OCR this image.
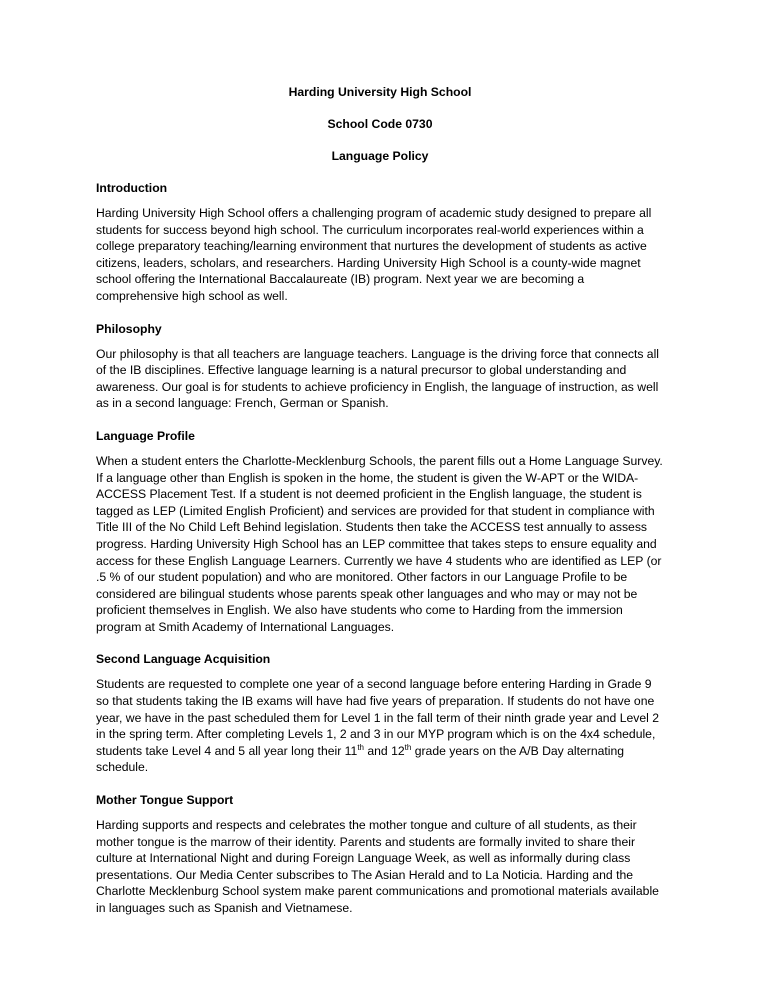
Harding University High School

School Code 0730

Language Policy

Introduction

Harding University High School offers a challenging program of academic study designed to prepare all students for success beyond high school. The curriculum incorporates real-world experiences within a college preparatory teaching/learning environment that nurtures the development of students as active citizens, leaders, scholars, and researchers. Harding University High School is a county-wide magnet school offering the International Baccalaureate (IB) program. Next year we are becoming a comprehensive high school as well.

Philosophy

Our philosophy is that all teachers are language teachers. Language is the driving force that connects all of the IB disciplines. Effective language learning is a natural precursor to global understanding and awareness. Our goal is for students to achieve proficiency in English, the language of instruction, as well as in a second language: French, German or Spanish.

Language Profile

When a student enters the Charlotte-Mecklenburg Schools, the parent fills out a Home Language Survey. If a language other than English is spoken in the home, the student is given the W-APT or the WIDA-ACCESS Placement Test. If a student is not deemed proficient in the English language, the student is tagged as LEP (Limited English Proficient) and services are provided for that student in compliance with Title III of the No Child Left Behind legislation. Students then take the ACCESS test annually to assess progress. Harding University High School has an LEP committee that takes steps to ensure equality and access for these English Language Learners. Currently we have 4 students who are identified as LEP (or .5 % of our student population) and who are monitored. Other factors in our Language Profile to be considered are bilingual students whose parents speak other languages and who may or may not be proficient themselves in English. We also have students who come to Harding from the immersion program at Smith Academy of International Languages.

Second Language Acquisition

Students are requested to complete one year of a second language before entering Harding in Grade 9 so that students taking the IB exams will have had five years of preparation. If students do not have one year, we have in the past scheduled them for Level 1 in the fall term of their ninth grade year and Level 2 in the spring term. After completing Levels 1, 2 and 3 in our MYP program which is on the 4x4 schedule, students take Level 4 and 5 all year long their 11th and 12th grade years on the A/B Day alternating schedule.

Mother Tongue Support

Harding supports and respects and celebrates the mother tongue and culture of all students, as their mother tongue is the marrow of their identity. Parents and students are formally invited to share their culture at International Night and during Foreign Language Week, as well as informally during class presentations. Our Media Center subscribes to The Asian Herald and to La Noticia. Harding and the Charlotte Mecklenburg School system make parent communications and promotional materials available in languages such as Spanish and Vietnamese.
